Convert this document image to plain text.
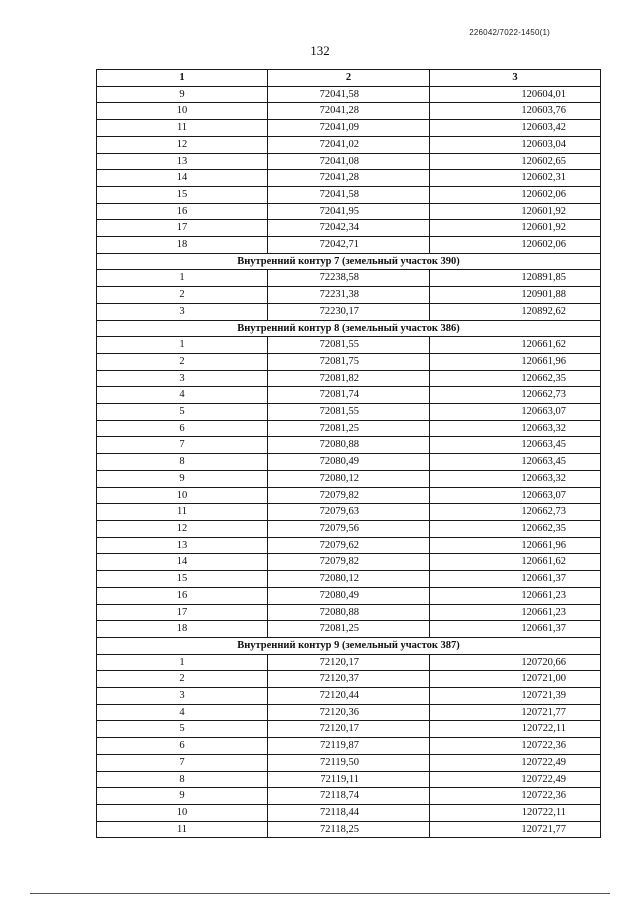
226042/7022-1450(1)
132
1	2	3
9	72041,58	120604,01
10	72041,28	120603,76
11	72041,09	120603,42
12	72041,02	120603,04
13	72041,08	120602,65
14	72041,28	120602,31
15	72041,58	120602,06
16	72041,95	120601,92
17	72042,34	120601,92
18	72042,71	120602,06
Внутренний контур 7 (земельный участок 390)		
1	72238,58	120891,85
2	72231,38	120901,88
3	72230,17	120892,62
Внутренний контур 8 (земельный участок 386)		
1	72081,55	120661,62
2	72081,75	120661,96
3	72081,82	120662,35
4	72081,74	120662,73
5	72081,55	120663,07
6	72081,25	120663,32
7	72080,88	120663,45
8	72080,49	120663,45
9	72080,12	120663,32
10	72079,82	120663,07
11	72079,63	120662,73
12	72079,56	120662,35
13	72079,62	120661,96
14	72079,82	120661,62
15	72080,12	120661,37
16	72080,49	120661,23
17	72080,88	120661,23
18	72081,25	120661,37
Внутренний контур 9 (земельный участок 387)		
1	72120,17	120720,66
2	72120,37	120721,00
3	72120,44	120721,39
4	72120,36	120721,77
5	72120,17	120722,11
6	72119,87	120722,36
7	72119,50	120722,49
8	72119,11	120722,49
9	72118,74	120722,36
10	72118,44	120722,11
11	72118,25	120721,77
